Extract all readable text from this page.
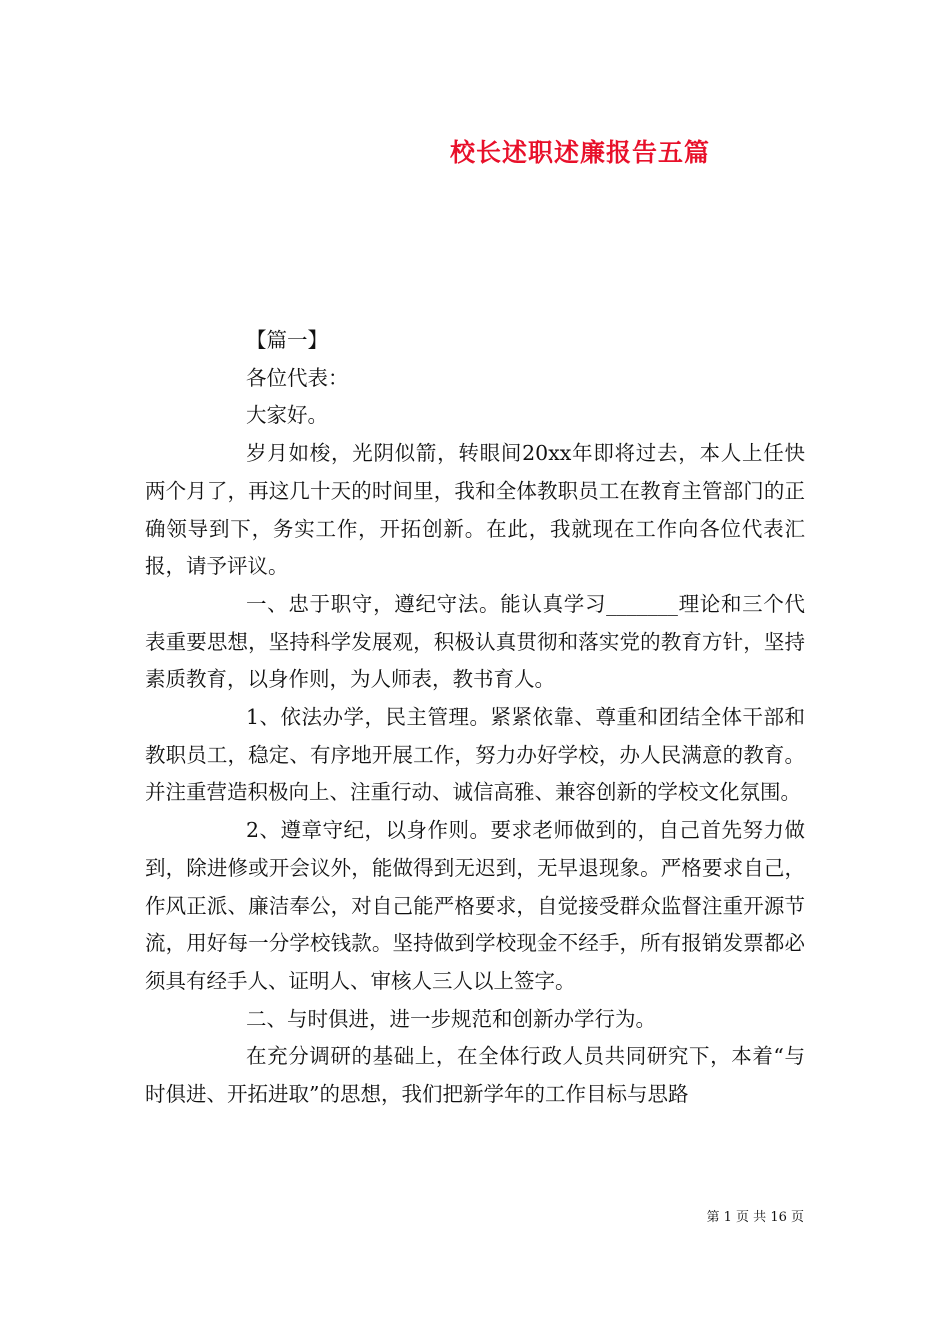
校长述职述廉报告五篇

【篇一】

各位代表：

大家好。

岁月如梭，光阴似箭，转眼间20xx年即将过去，本人上任快两个月了，再这几十天的时间里，我和全体教职员工在教育主管部门的正确领导到下，务实工作，开拓创新。在此，我就现在工作向各位代表汇报，请予评议。

一、忠于职守，遵纪守法。能认真学习_______理论和三个代表重要思想，坚持科学发展观，积极认真贯彻和落实党的教育方针，坚持素质教育，以身作则，为人师表，教书育人。

1、依法办学，民主管理。紧紧依靠、尊重和团结全体干部和教职员工，稳定、有序地开展工作，努力办好学校，办人民满意的教育。并注重营造积极向上、注重行动、诚信高雅、兼容创新的学校文化氛围。

2、遵章守纪，以身作则。要求老师做到的，自己首先努力做到，除进修或开会议外，能做得到无迟到，无早退现象。严格要求自己，作风正派、廉洁奉公，对自己能严格要求，自觉接受群众监督注重开源节流，用好每一分学校钱款。坚持做到学校现金不经手，所有报销发票都必须具有经手人、证明人、审核人三人以上签字。

二、与时俱进，进一步规范和创新办学行为。

在充分调研的基础上，在全体行政人员共同研究下，本着“与时俱进、开拓进取”的思想，我们把新学年的工作目标与思路

第 1 页 共 16 页
